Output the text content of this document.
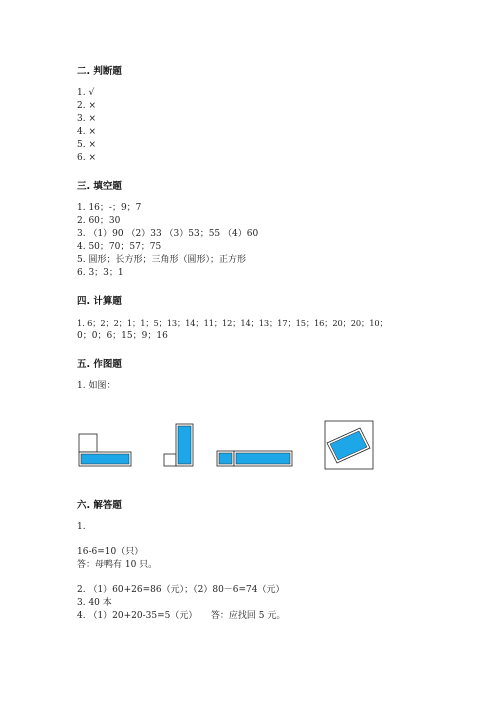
二. 判断题
1. √
2. ×
3. ×
4. ×
5. ×
6. ×
三. 填空题
1. 16；-；9；7
2. 60；30
3. （1）90 （2）33 （3）53；55 （4）60
4. 50；70；57；75
5. 圆形；长方形；三角形（圆形）；正方形
6. 3；3；1
四. 计算题
1. 6；2；2；1；1；5；13；14；11；12；14；13；17；15；16；20；20；10；
0；0；6；15；9；16
五. 作图题
1. 如图：
六. 解答题
1.
16-6=10（只）
答：母鸭有 10 只。
2. （1）60+26=86（元）；（2）80－6=74（元）
3. 40 本
4. （1）20+20-35=5（元）　　答：应找回 5 元。
